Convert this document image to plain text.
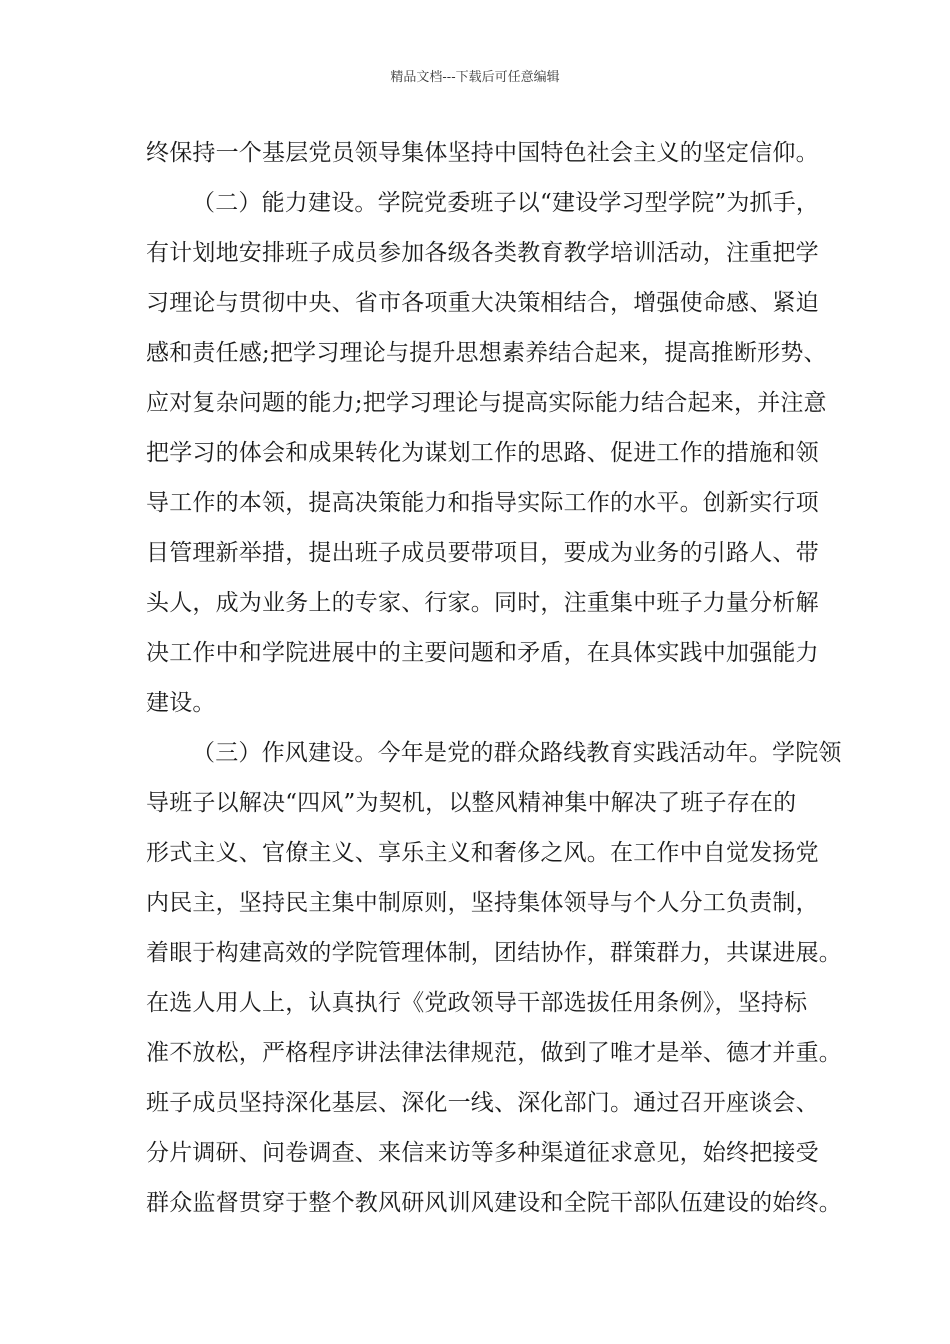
精品文档---下载后可任意编辑
终保持一个基层党员领导集体坚持中国特色社会主义的坚定信仰。
（二）能力建设。学院党委班子以“建设学习型学院”为抓手，
有计划地安排班子成员参加各级各类教育教学培训活动，注重把学
习理论与贯彻中央、省市各项重大决策相结合，增强使命感、紧迫
感和责任感;把学习理论与提升思想素养结合起来，提高推断形势、
应对复杂问题的能力;把学习理论与提高实际能力结合起来，并注意
把学习的体会和成果转化为谋划工作的思路、促进工作的措施和领
导工作的本领，提高决策能力和指导实际工作的水平。创新实行项
目管理新举措，提出班子成员要带项目，要成为业务的引路人、带
头人，成为业务上的专家、行家。同时，注重集中班子力量分析解
决工作中和学院进展中的主要问题和矛盾，在具体实践中加强能力
建设。
（三）作风建设。今年是党的群众路线教育实践活动年。学院领
导班子以解决“四风”为契机，以整风精神集中解决了班子存在的
形式主义、官僚主义、享乐主义和奢侈之风。在工作中自觉发扬党
内民主，坚持民主集中制原则，坚持集体领导与个人分工负责制，
着眼于构建高效的学院管理体制，团结协作，群策群力，共谋进展。
在选人用人上，认真执行《党政领导干部选拔任用条例》，坚持标
准不放松，严格程序讲法律法律规范，做到了唯才是举、德才并重。
班子成员坚持深化基层、深化一线、深化部门。通过召开座谈会、
分片调研、问卷调查、来信来访等多种渠道征求意见，始终把接受
群众监督贯穿于整个教风研风训风建设和全院干部队伍建设的始终。
